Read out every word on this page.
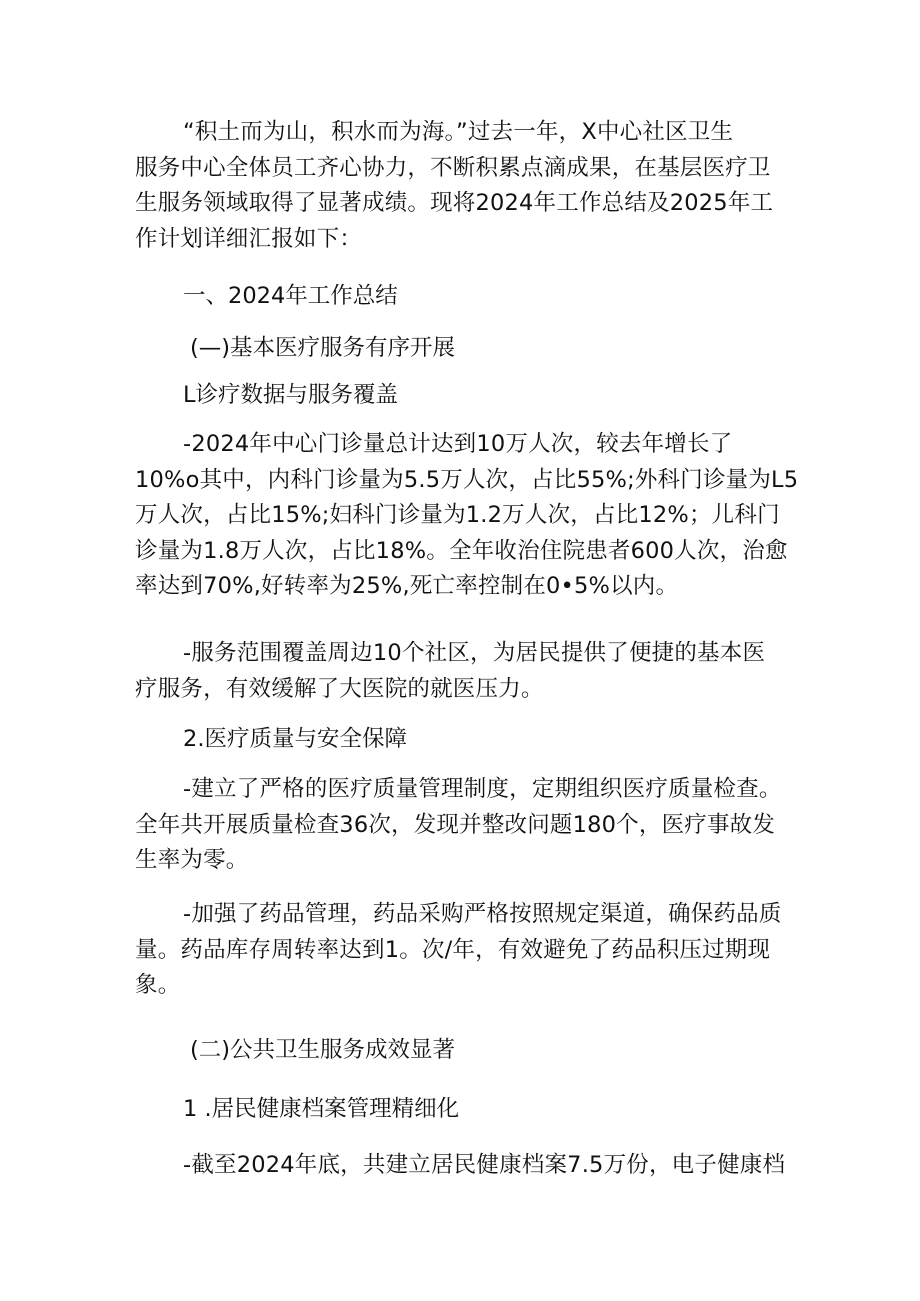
“积土而为山，积水而为海。”过去一年，X中心社区卫生
服务中心全体员工齐心协力，不断积累点滴成果，在基层医疗卫
生服务领域取得了显著成绩。现将2024年工作总结及2025年工
作计划详细汇报如下：

一、2024年工作总结

(—)基本医疗服务有序开展

L诊疗数据与服务覆盖

-2024年中心门诊量总计达到10万人次，较去年增长了
10%o其中，内科门诊量为5.5万人次，占比55%;外科门诊量为L5
万人次，占比15%;妇科门诊量为1.2万人次，占比12%；儿科门
诊量为1.8万人次，占比18%。全年收治住院患者600人次，治愈
率达到70%,好转率为25%,死亡率控制在0•5%以内。

-服务范围覆盖周边10个社区，为居民提供了便捷的基本医
疗服务，有效缓解了大医院的就医压力。

2.医疗质量与安全保障

-建立了严格的医疗质量管理制度，定期组织医疗质量检查。
全年共开展质量检查36次，发现并整改问题180个，医疗事故发
生率为零。

-加强了药品管理，药品采购严格按照规定渠道，确保药品质
量。药品库存周转率达到1。次/年，有效避免了药品积压过期现
象。

(二)公共卫生服务成效显著

1 .居民健康档案管理精细化

-截至2024年底，共建立居民健康档案7.5万份，电子健康档
